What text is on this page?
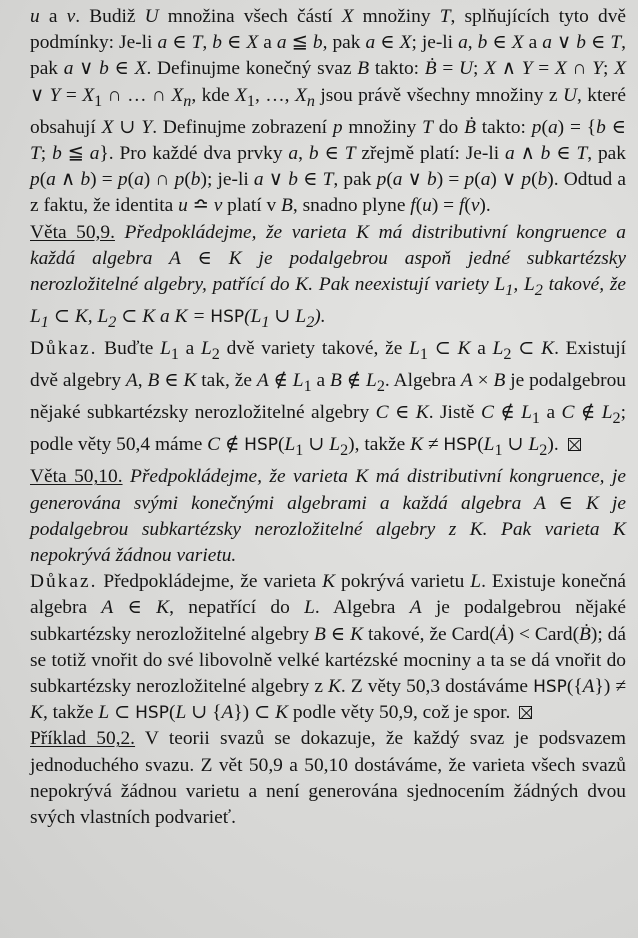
u a v. Budiž U množina všech částí X množiny T, splňujících tyto dvě podmínky: Je-li a ∈ T, b ∈ X a a ≦ b, pak a ∈ X; je-li a, b ∈ X a a ∨ b ∈ T, pak a ∨ b ∈ X. Definujme konečný svaz B takto: Ḃ = U; X ∧ Y = X ∩ Y; X ∨ $Y = X_1$ ∩ … ∩ $X_n$, kde $X_1$, …, $X_n$ jsou právě všechny množiny z U, které obsahují X ∪ Y. Definujme zobrazení p množiny T do Ḃ takto: p(a) = {b ∈ T; b ≦ a}. Pro každé dva prvky a, b ∈ T zřejmě platí: Je-li a ∧ b ∈ T, pak p(a ∧ b) = p(a) ∩ p(b); je-li a ∨ b ∈ T, pak p(a ∨ b) = p(a) ∨ p(b). Odtud a z faktu, že identita u ≏ v platí v B, snadno plyne f(u) = f(v).

Věta 50,9. Předpokládejme, že varieta K má distributivní kongruence a každá algebra A ∈ K je podalgebrou aspoň jedné subkartézsky nerozložitelné algebry, patřící do K. Pak neexistují variety $L_1$, $L_2$ takové, že $L_1$ ⊂ K, $L_2$ ⊂ K a $K = HSP(L_1$ ∪ $L_2$).

Důkaz. Buďte $L_1$ a $L_2$ dvě variety takové, že $L_1$ ⊂ K a $L_2$ ⊂ K. Existují dvě algebry A, B ∈ K tak, že A ∉ $L_1$ a B ∉ $L_2$. Algebra A × B je podalgebrou nějaké subkartézsky nerozložitelné algebry C ∈ K. Jistě C ∉ $L_1$ a C ∉ $L_2$; podle věty 50,4 máme C ∉ $HSP(L_1$ ∪ $L_2$), takže $K \ne HSP(L_1$ ∪ $L_2$).

Věta 50,10. Předpokládejme, že varieta K má distributivní kongruence, je generována svými konečnými algebrami a každá algebra A ∈ K je podalgebrou subkartézsky nerozložitelné algebry z K. Pak varieta K nepokrývá žádnou varietu.

Důkaz. Předpokládejme, že varieta K pokrývá varietu L. Existuje konečná algebra A ∈ K, nepatřící do L. Algebra A je podalgebrou nějaké subkartézsky nerozložitelné algebry B ∈ K takové, že Card(Ȧ) < Card(Ḃ); dá se totiž vnořit do své libovolně velké kartézské mocniny a ta se dá vnořit do subkartézsky nerozložitelné algebry z K. Z věty 50,3 dostáváme HSP({A}) ≠ K, takže L ⊂ HSP(L ∪ {A}) ⊂ K podle věty 50,9, což je spor.

Příklad 50,2. V teorii svazů se dokazuje, že každý svaz je podsvazem jednoduchého svazu. Z vět 50,9 a 50,10 dostáváme, že varieta všech svazů nepokrývá žádnou varietu a není generována sjednocením žádných dvou svých vlastních podvarieť.
